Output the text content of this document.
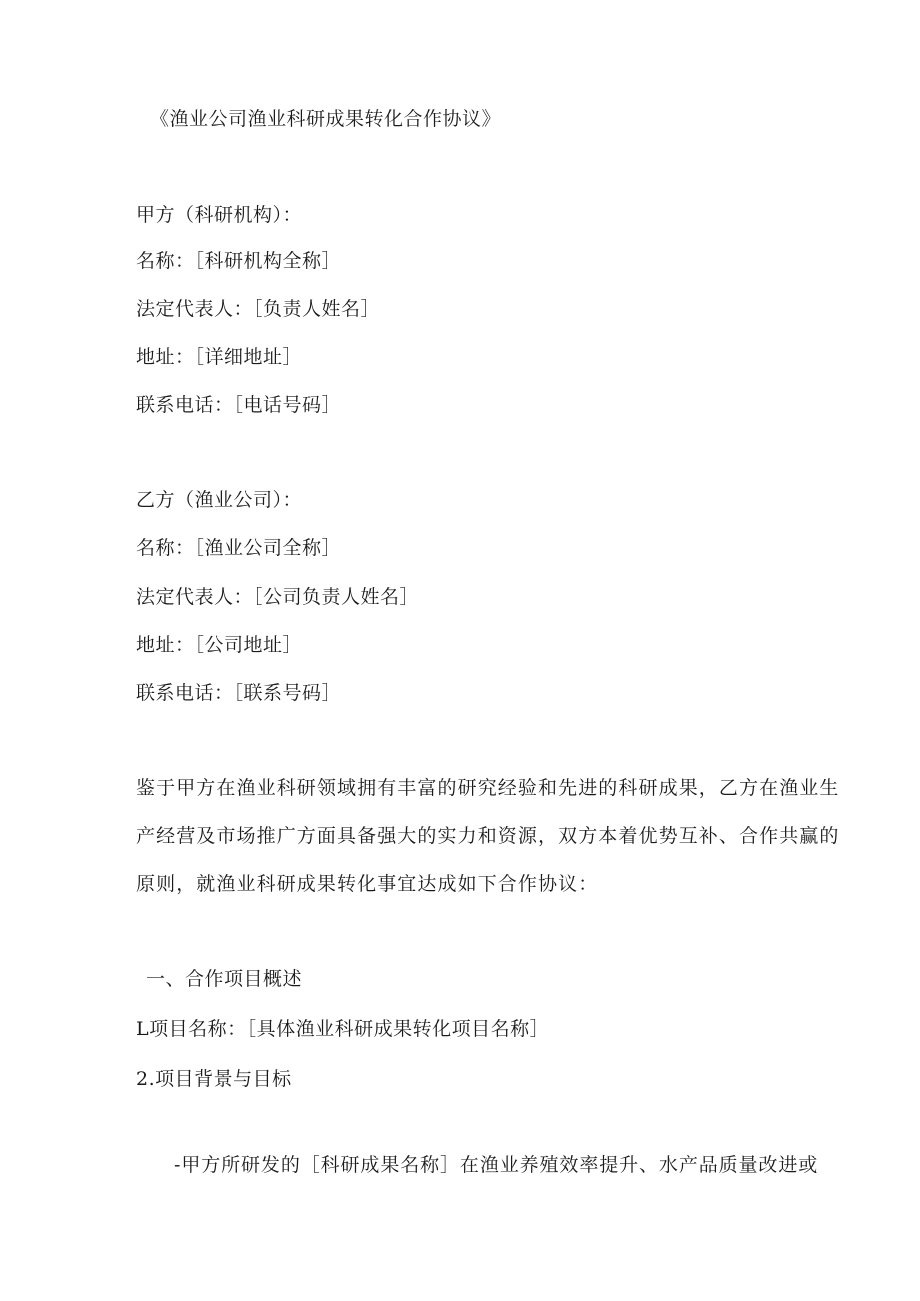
《渔业公司渔业科研成果转化合作协议》
甲方（科研机构）：
名称：［科研机构全称］
法定代表人：［负责人姓名］
地址：［详细地址］
联系电话：［电话号码］
乙方（渔业公司）：
名称：［渔业公司全称］
法定代表人：［公司负责人姓名］
地址：［公司地址］
联系电话：［联系号码］
鉴于甲方在渔业科研领域拥有丰富的研究经验和先进的科研成果，乙方在渔业生
产经营及市场推广方面具备强大的实力和资源，双方本着优势互补、合作共赢的
原则，就渔业科研成果转化事宜达成如下合作协议：
一、合作项目概述
L项目名称：［具体渔业科研成果转化项目名称］
2.项目背景与目标
-甲方所研发的［科研成果名称］在渔业养殖效率提升、水产品质量改进或
